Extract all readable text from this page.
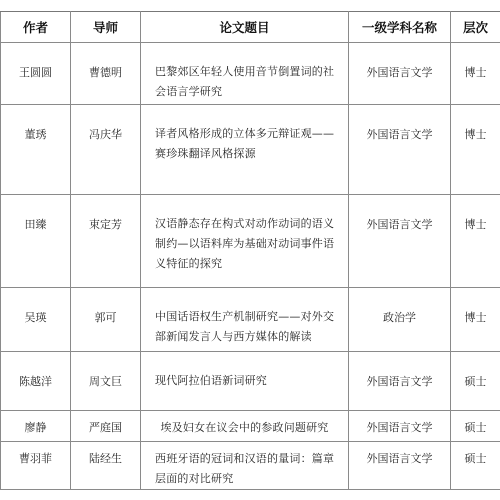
作者	导师	论文题目	一级学科名称	层次
王圆圆	曹德明	巴黎郊区年轻人使用音节倒置词的社会语言学研究	外国语言文学	博士
董琇	冯庆华	译者风格形成的立体多元辩证观——赛珍珠翻译风格探源	外国语言文学	博士
田臻	束定芳	汉语静态存在构式对动作动词的语义制约—以语料库为基础对动词事件语义特征的探究	外国语言文学	博士
吴瑛	郭可	中国话语权生产机制研究——对外交部新闻发言人与西方媒体的解读	政治学	博士
陈越洋	周文巨	现代阿拉伯语新词研究	外国语言文学	硕士
廖静	严庭国	埃及妇女在议会中的参政问题研究	外国语言文学	硕士
曹羽菲	陆经生	西班牙语的冠词和汉语的量词：篇章层面的对比研究	外国语言文学	硕士
